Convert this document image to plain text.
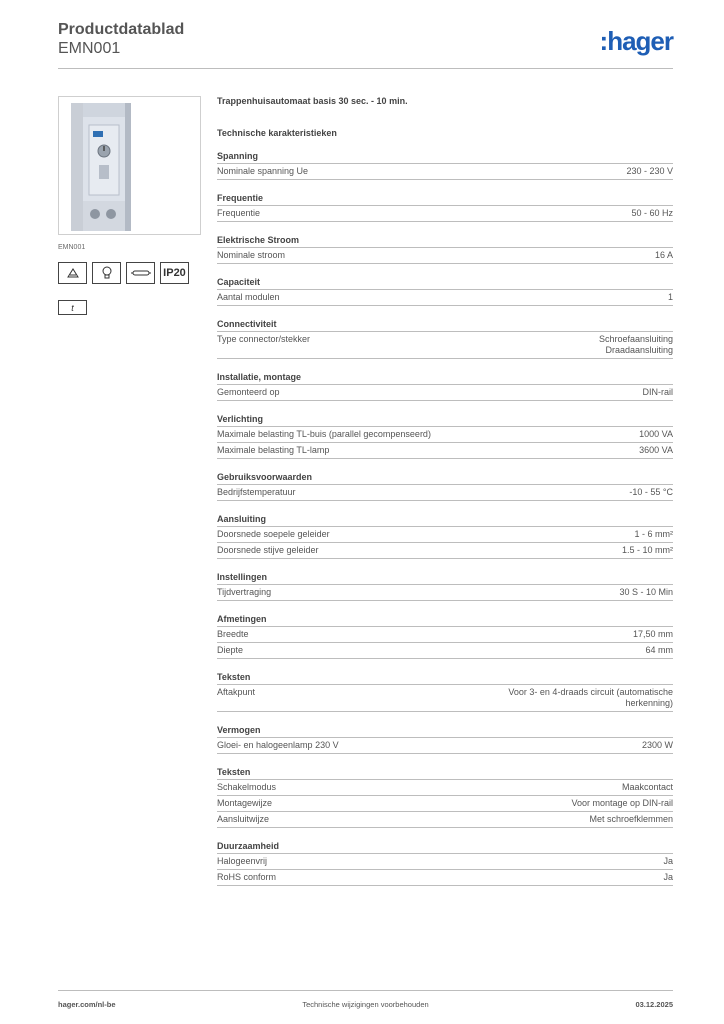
Productdatablad
EMN001	:hager
EMN001
IP20
t
Trappenhuisautomaat basis 30 sec. - 10 min.
Technische karakteristieken
Spanning
Nominale spanning Ue	230 - 230 V
Frequentie
Frequentie	50 - 60 Hz
Elektrische Stroom
Nominale stroom	16 A
Capaciteit
Aantal modulen	1
Connectiviteit
Type connector/stekker	Schroefaansluiting
Draadaansluiting
Installatie, montage
Gemonteerd op	DIN-rail
Verlichting
Maximale belasting TL-buis (parallel gecompenseerd)	1000 VA
Maximale belasting TL-lamp	3600 VA
Gebruiksvoorwaarden
Bedrijfstemperatuur	-10 - 55 °C
Aansluiting
Doorsnede soepele geleider	1 - 6 mm²
Doorsnede stijve geleider	1.5 - 10 mm²
Instellingen
Tijdvertraging	30 S - 10 Min
Afmetingen
Breedte	17,50 mm
Diepte	64 mm
Teksten
Aftakpunt	Voor 3- en 4-draads circuit (automatische
herkenning)
Vermogen
Gloei- en halogeenlamp 230 V	2300 W
Teksten
Schakelmodus	Maakcontact
Montagewijze	Voor montage op DIN-rail
Aansluitwijze	Met schroefklemmen
Duurzaamheid
Halogeenvrij	Ja
RoHS conform	Ja
hager.com/nl-be	Technische wijzigingen voorbehouden	03.12.2025
